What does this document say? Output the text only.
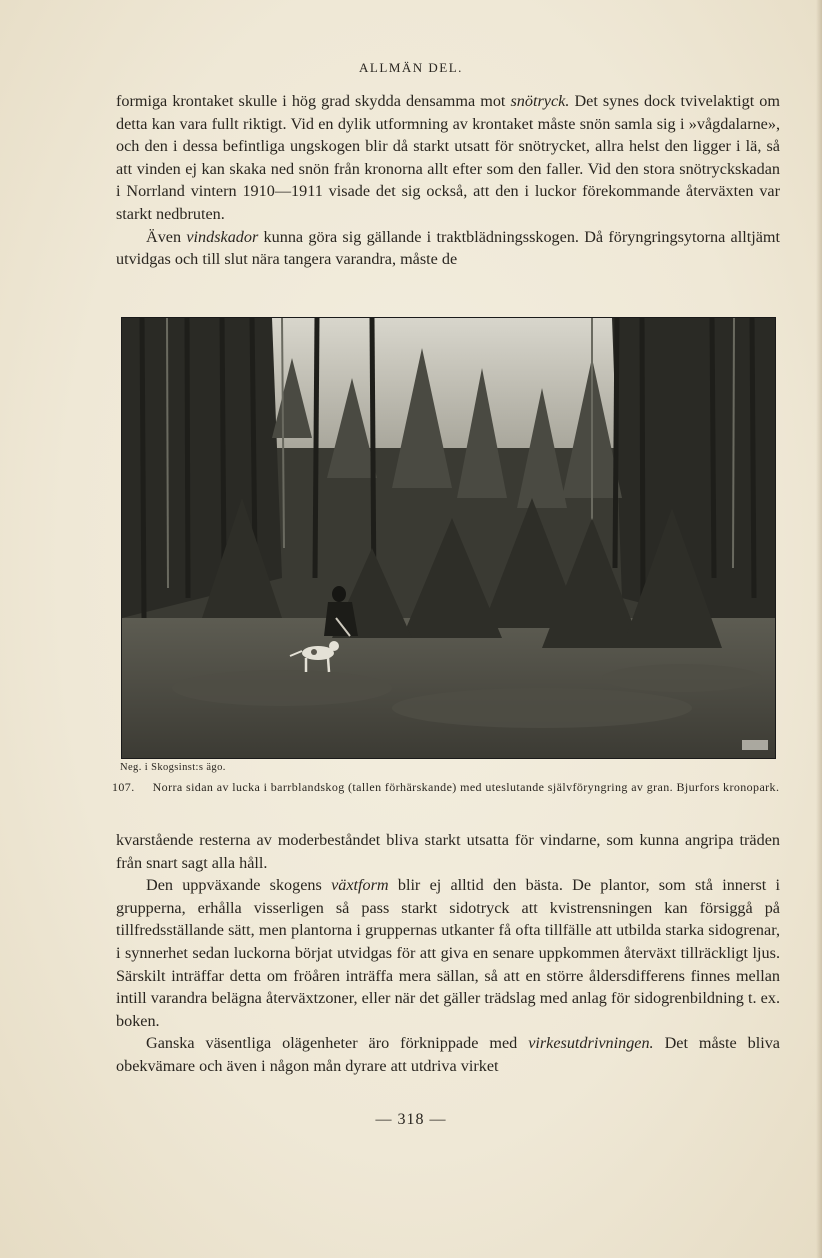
ALLMÄN DEL.

formiga krontaket skulle i hög grad skydda densamma mot snötryck. Det synes dock tvivelaktigt om detta kan vara fullt riktigt. Vid en dylik utformning av krontaket måste snön samla sig i »vågdalarne», och den i dessa befintliga ungskogen blir då starkt utsatt för snötrycket, allra helst den ligger i lä, så att vinden ej kan skaka ned snön från kronorna allt efter som den faller. Vid den stora snötryckskadan i Norrland vintern 1910—1911 visade det sig också, att den i luckor förekommande återväxten var starkt nedbruten.

Även vindskador kunna göra sig gällande i traktblädningsskogen. Då föryngringsytorna alltjämt utvidgas och till slut nära tangera varandra, måste de

Neg. i Skogsinst:s ägo.
107. Norra sidan av lucka i barrblandskog (tallen förhärskande) med uteslutande självföryngring av gran. Bjurfors kronopark.

kvarstående resterna av moderbeståndet bliva starkt utsatta för vindarne, som kunna angripa träden från snart sagt alla håll.

Den uppväxande skogens växtform blir ej alltid den bästa. De plantor, som stå innerst i grupperna, erhålla visserligen så pass starkt sidotryck att kvistrensningen kan försiggå på tillfredsställande sätt, men plantorna i gruppernas utkanter få ofta tillfälle att utbilda starka sidogrenar, i synnerhet sedan luckorna börjat utvidgas för att giva en senare uppkommen återväxt tillräckligt ljus. Särskilt inträffar detta om fröåren inträffa mera sällan, så att en större åldersdifferens finnes mellan intill varandra belägna återväxtzoner, eller när det gäller trädslag med anlag för sidogrenbildning t. ex. boken.

Ganska väsentliga olägenheter äro förknippade med virkesutdrivningen. Det måste bliva obekvämare och även i någon mån dyrare att utdriva virket

— 318 —
